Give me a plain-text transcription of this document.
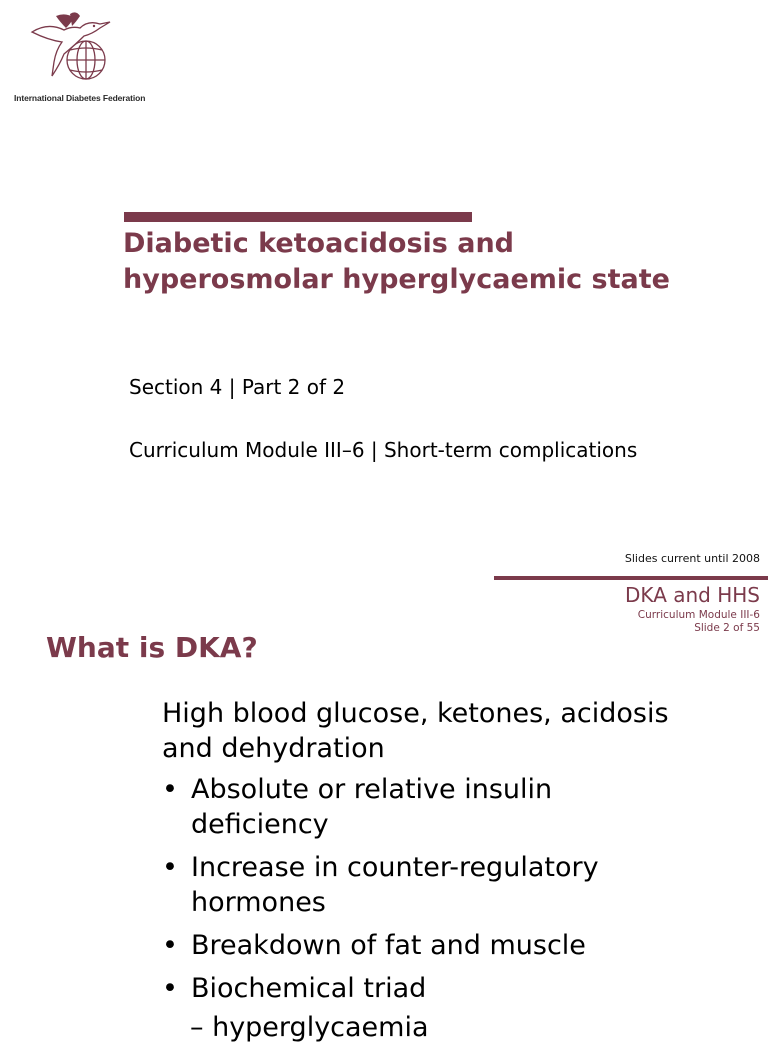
International Diabetes Federation
Diabetic ketoacidosis and
hyperosmolar hyperglycaemic state
Section 4 | Part 2 of 2
Curriculum Module III–6 | Short-term complications
Slides current until 2008
DKA and HHS
Curriculum Module III-6
Slide 2 of 55
What is DKA?
High blood glucose, ketones, acidosis
and dehydration
• Absolute or relative insulin
deficiency
• Increase in counter-regulatory
hormones
• Breakdown of fat and muscle
• Biochemical triad
– hyperglycaemia
